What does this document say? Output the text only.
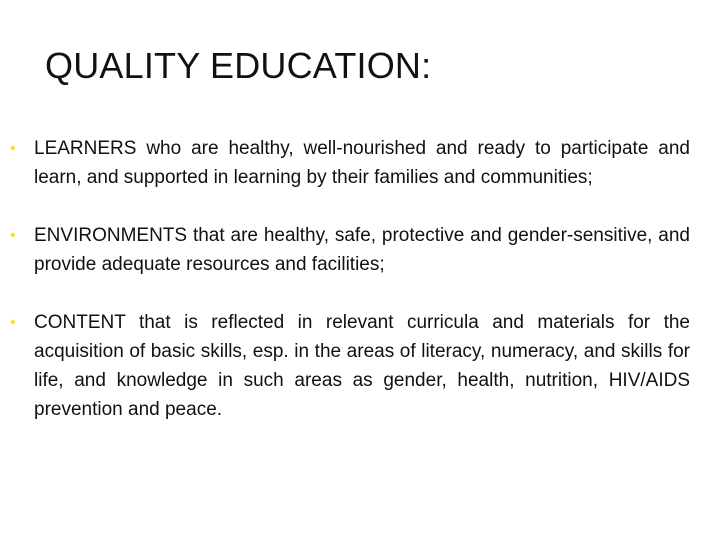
QUALITY EDUCATION:
• LEARNERS who are healthy, well-nourished and ready to participate and learn, and supported in learning by their families and communities;
• ENVIRONMENTS that are healthy, safe, protective and gender-sensitive, and provide adequate resources and facilities;
• CONTENT that is reflected in relevant curricula and materials for the acquisition of basic skills, esp. in the areas of literacy, numeracy, and skills for life, and knowledge in such areas as gender, health, nutrition, HIV/AIDS prevention and peace.
